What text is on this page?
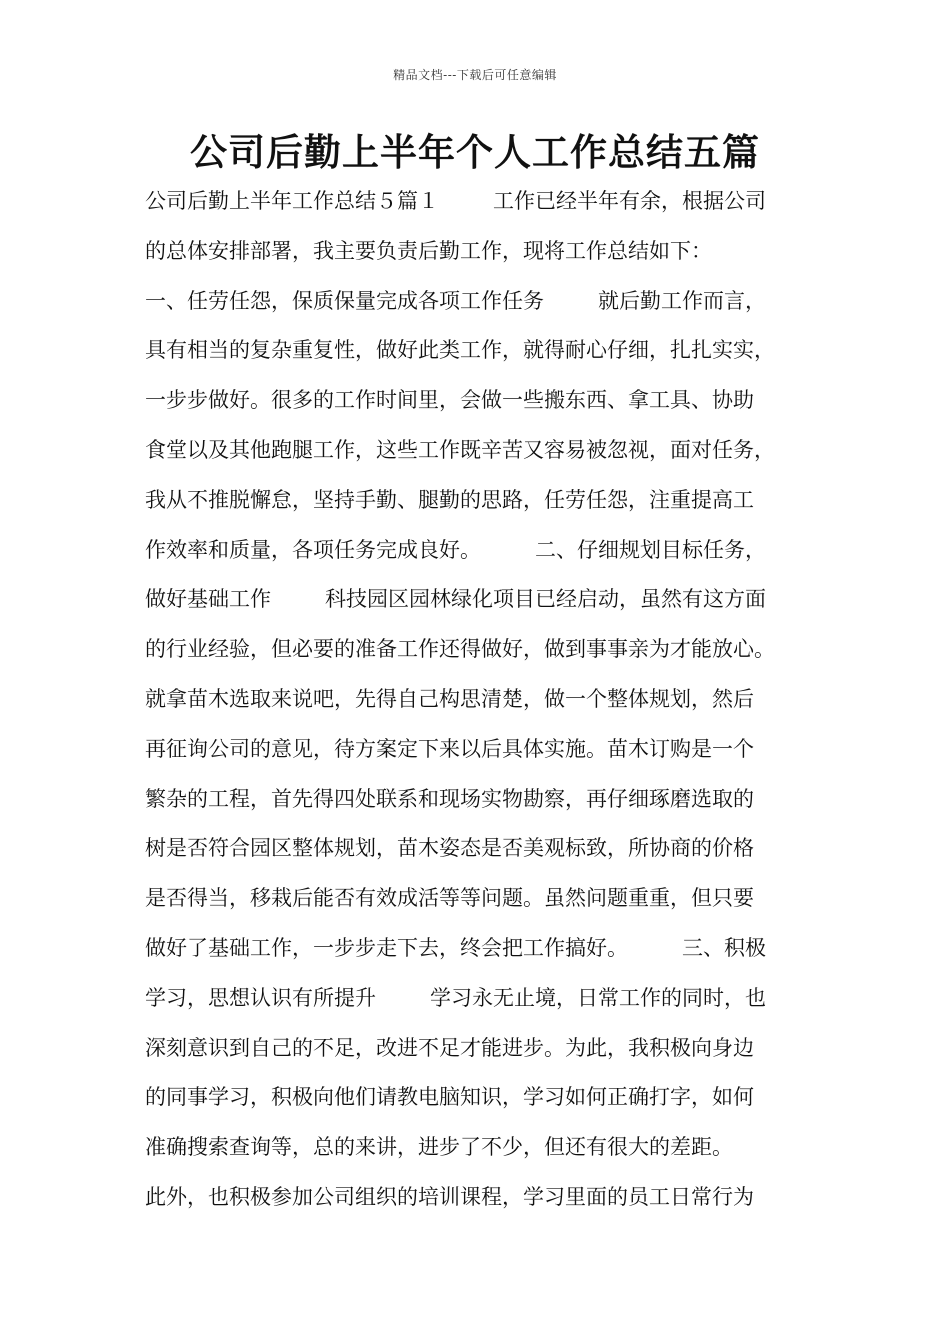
精品文档---下载后可任意编辑
公司后勤上半年个人工作总结五篇
公司后勤上半年工作总结５篇１	工作已经半年有余，根据公司
的总体安排部署，我主要负责后勤工作，现将工作总结如下：
一、任劳任怨，保质保量完成各项工作任务	就后勤工作而言，
具有相当的复杂重复性，做好此类工作，就得耐心仔细，扎扎实实，
一步步做好。很多的工作时间里，会做一些搬东西、拿工具、协助
食堂以及其他跑腿工作，这些工作既辛苦又容易被忽视，面对任务，
我从不推脱懈怠，坚持手勤、腿勤的思路，任劳任怨，注重提高工
作效率和质量，各项任务完成良好。	二、仔细规划目标任务，
做好基础工作	科技园区园林绿化项目已经启动，虽然有这方面
的行业经验，但必要的准备工作还得做好，做到事事亲为才能放心。
就拿苗木选取来说吧，先得自己构思清楚，做一个整体规划，然后
再征询公司的意见，待方案定下来以后具体实施。苗木订购是一个
繁杂的工程，首先得四处联系和现场实物勘察，再仔细琢磨选取的
树是否符合园区整体规划，苗木姿态是否美观标致，所协商的价格
是否得当，移栽后能否有效成活等等问题。虽然问题重重，但只要
做好了基础工作，一步步走下去，终会把工作搞好。	三、积极
学习，思想认识有所提升	学习永无止境，日常工作的同时，也
深刻意识到自己的不足，改进不足才能进步。为此，我积极向身边
的同事学习，积极向他们请教电脑知识，学习如何正确打字，如何
准确搜索查询等，总的来讲，进步了不少，但还有很大的差距。
此外，也积极参加公司组织的培训课程，学习里面的员工日常行为
